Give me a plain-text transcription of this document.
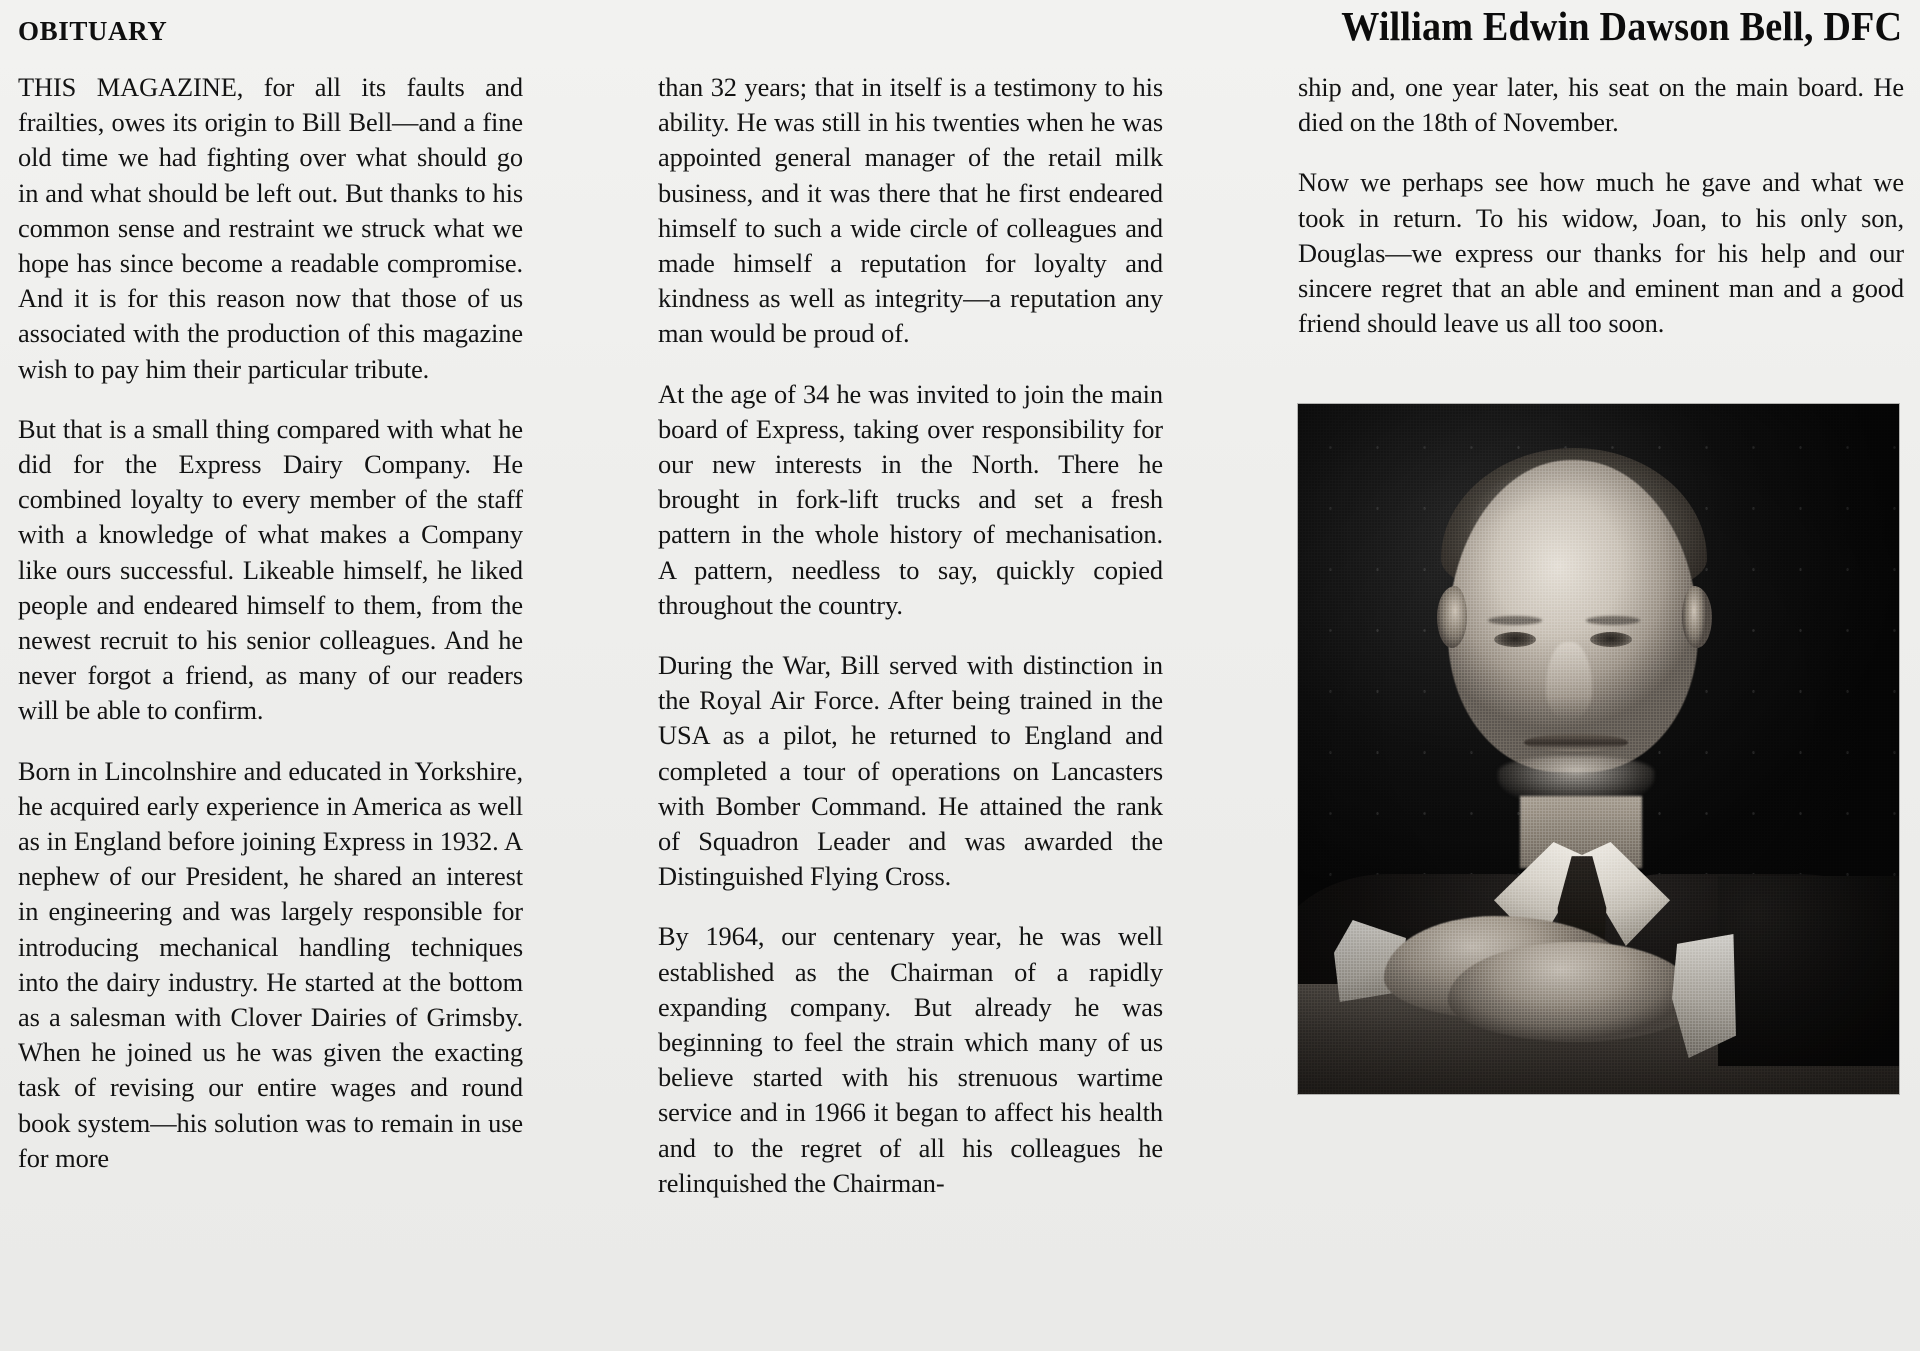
OBITUARY	William Edwin Dawson Bell, DFC

THIS MAGAZINE, for all its faults and frailties, owes its origin to Bill Bell—and a fine old time we had fighting over what should go in and what should be left out. But thanks to his common sense and restraint we struck what we hope has since become a readable compromise. And it is for this reason now that those of us associated with the production of this magazine wish to pay him their particular tribute.

But that is a small thing compared with what he did for the Express Dairy Company. He combined loyalty to every member of the staff with a knowledge of what makes a Company like ours successful. Likeable himself, he liked people and endeared himself to them, from the newest recruit to his senior colleagues. And he never forgot a friend, as many of our readers will be able to confirm.

Born in Lincolnshire and educated in Yorkshire, he acquired early experience in America as well as in England before joining Express in 1932. A nephew of our President, he shared an interest in engineering and was largely responsible for introducing mechanical handling techniques into the dairy industry. He started at the bottom as a salesman with Clover Dairies of Grimsby. When he joined us he was given the exacting task of revising our entire wages and round book system—his solution was to remain in use for more

than 32 years; that in itself is a testimony to his ability. He was still in his twenties when he was appointed general manager of the retail milk business, and it was there that he first endeared himself to such a wide circle of colleagues and made himself a reputation for loyalty and kindness as well as integrity—a reputation any man would be proud of.

At the age of 34 he was invited to join the main board of Express, taking over responsibility for our new interests in the North. There he brought in fork-lift trucks and set a fresh pattern in the whole history of mechanisation. A pattern, needless to say, quickly copied throughout the country.

During the War, Bill served with distinction in the Royal Air Force. After being trained in the USA as a pilot, he returned to England and completed a tour of operations on Lancasters with Bomber Command. He attained the rank of Squadron Leader and was awarded the Distinguished Flying Cross.

By 1964, our centenary year, he was well established as the Chairman of a rapidly expanding company. But already he was beginning to feel the strain which many of us believe started with his strenuous wartime service and in 1966 it began to affect his health and to the regret of all his colleagues he relinquished the Chairman-

ship and, one year later, his seat on the main board. He died on the 18th of November.

Now we perhaps see how much he gave and what we took in return. To his widow, Joan, to his only son, Douglas—we express our thanks for his help and our sincere regret that an able and eminent man and a good friend should leave us all too soon.
